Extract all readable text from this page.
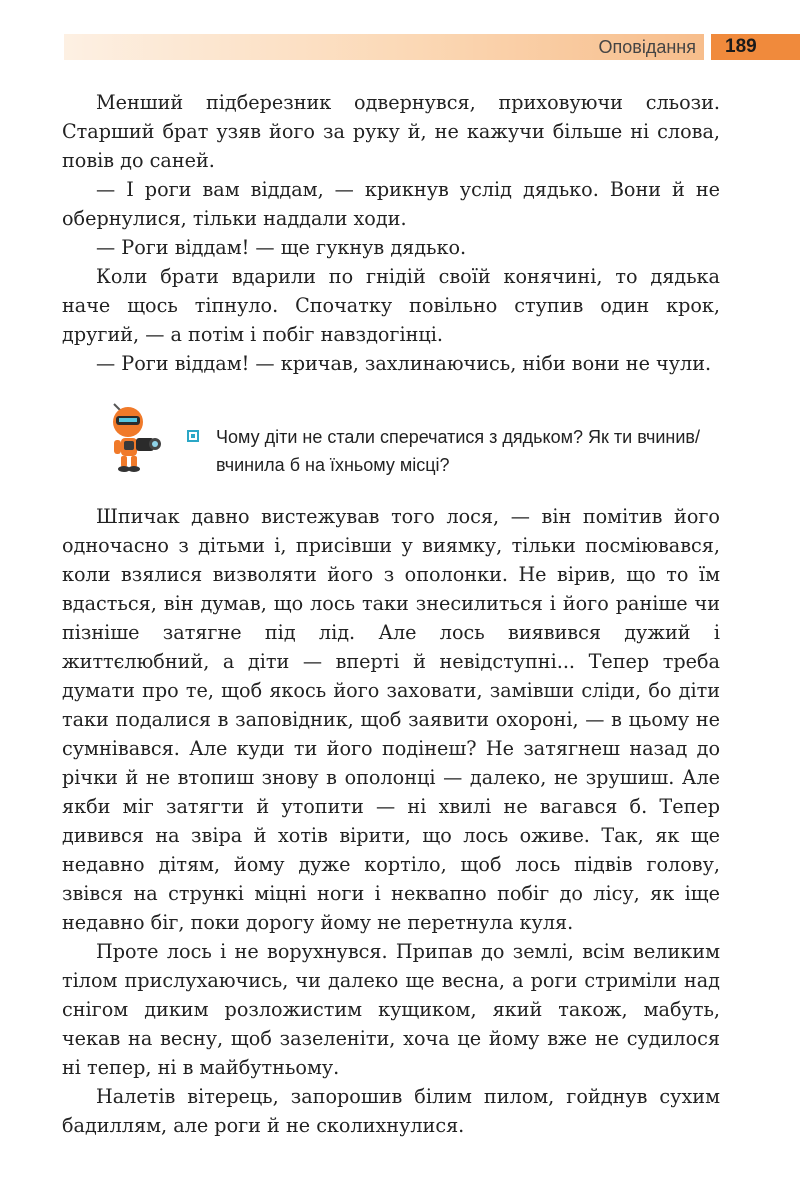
Оповідання	189

Менший підберезник одвернувся, приховуючи сльози. Старший брат узяв його за руку й, не кажучи більше ні слова, повів до саней.

— І роги вам віддам, — крикнув услід дядько. Вони й не обернулися, тільки наддали ходи.

— Роги віддам! — ще гукнув дядько.

Коли брати вдарили по гнідій своїй конячині, то дядька наче щось тіпнуло. Спочатку повільно ступив один крок, другий, — а потім і побіг навздогінці.

— Роги віддам! — кричав, захлинаючись, ніби вони не чули.

Чому діти не стали сперечатися з дядьком? Як ти вчинив/ вчинила б на їхньому місці?

Шпичак давно вистежував того лося, — він помітив його одночасно з дітьми і, присівши у виямку, тільки посміювався, коли взялися визволяти його з ополонки. Не вірив, що то їм вдасться, він думав, що лось таки знесилиться і його раніше чи пізніше затягне під лід. Але лось виявився дужий і життєлюбний, а діти — вперті й невідступні... Тепер треба думати про те, щоб якось його заховати, замівши сліди, бо діти таки подалися в заповідник, щоб заявити охороні, — в цьому не сумнівався. Але куди ти його подінеш? Не затягнеш назад до річки й не втопиш знову в ополонці — далеко, не зрушиш. Але якби міг затягти й утопити — ні хвилі не вагався б. Тепер дивився на звіра й хотів вірити, що лось оживе. Так, як ще недавно дітям, йому дуже кортіло, щоб лось підвів голову, звівся на стрункі міцні ноги і неквапно побіг до лісу, як іще недавно біг, поки дорогу йому не перетнула куля.

Проте лось і не ворухнувся. Припав до землі, всім великим тілом прислухаючись, чи далеко ще весна, а роги стриміли над снігом диким розложистим кущиком, який також, мабуть, чекав на весну, щоб зазеленіти, хоча це йому вже не судилося ні тепер, ні в майбутньому.

Налетів вітерець, запорошив білим пилом, гойднув сухим бадиллям, але роги й не сколихнулися.
